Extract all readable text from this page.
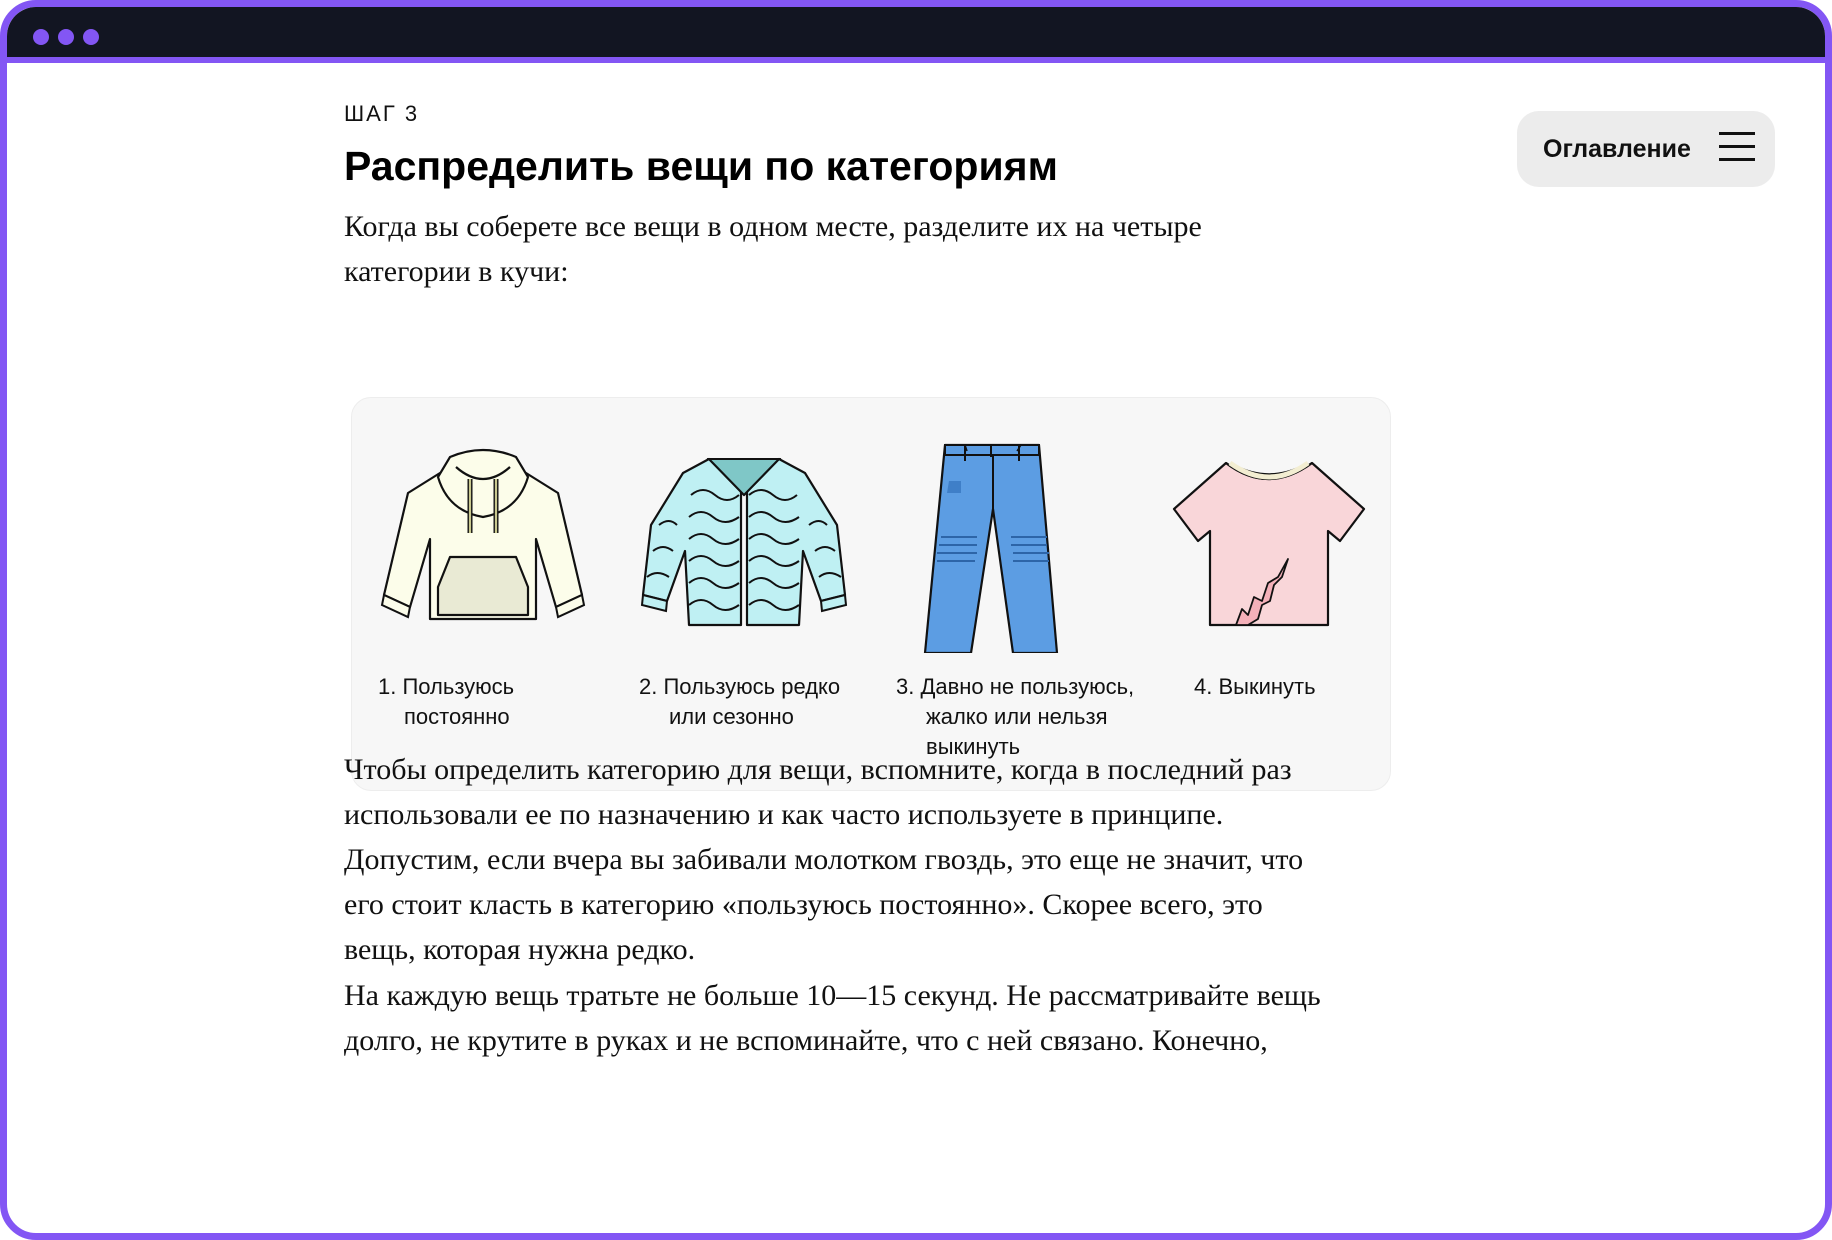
ШАГ 3
Распределить вещи по категориям	Оглавление

Когда вы соберете все вещи в одном месте, разделите их на четыре
категории в кучи:

1. Пользуюсь
постоянно
2. Пользуюсь редко
или сезонно
3. Давно не пользуюсь,
жалко или нельзя
выкинуть
4. Выкинуть

Чтобы определить категорию для вещи, вспомните, когда в последний раз
использовали ее по назначению и как часто используете в принципе.
Допустим, если вчера вы забивали молотком гвоздь, это еще не значит, что
его стоит класть в категорию «пользуюсь постоянно». Скорее всего, это
вещь, которая нужна редко.

На каждую вещь тратьте не больше 10—15 секунд. Не рассматривайте вещь
долго, не крутите в руках и не вспоминайте, что с ней связано. Конечно,
